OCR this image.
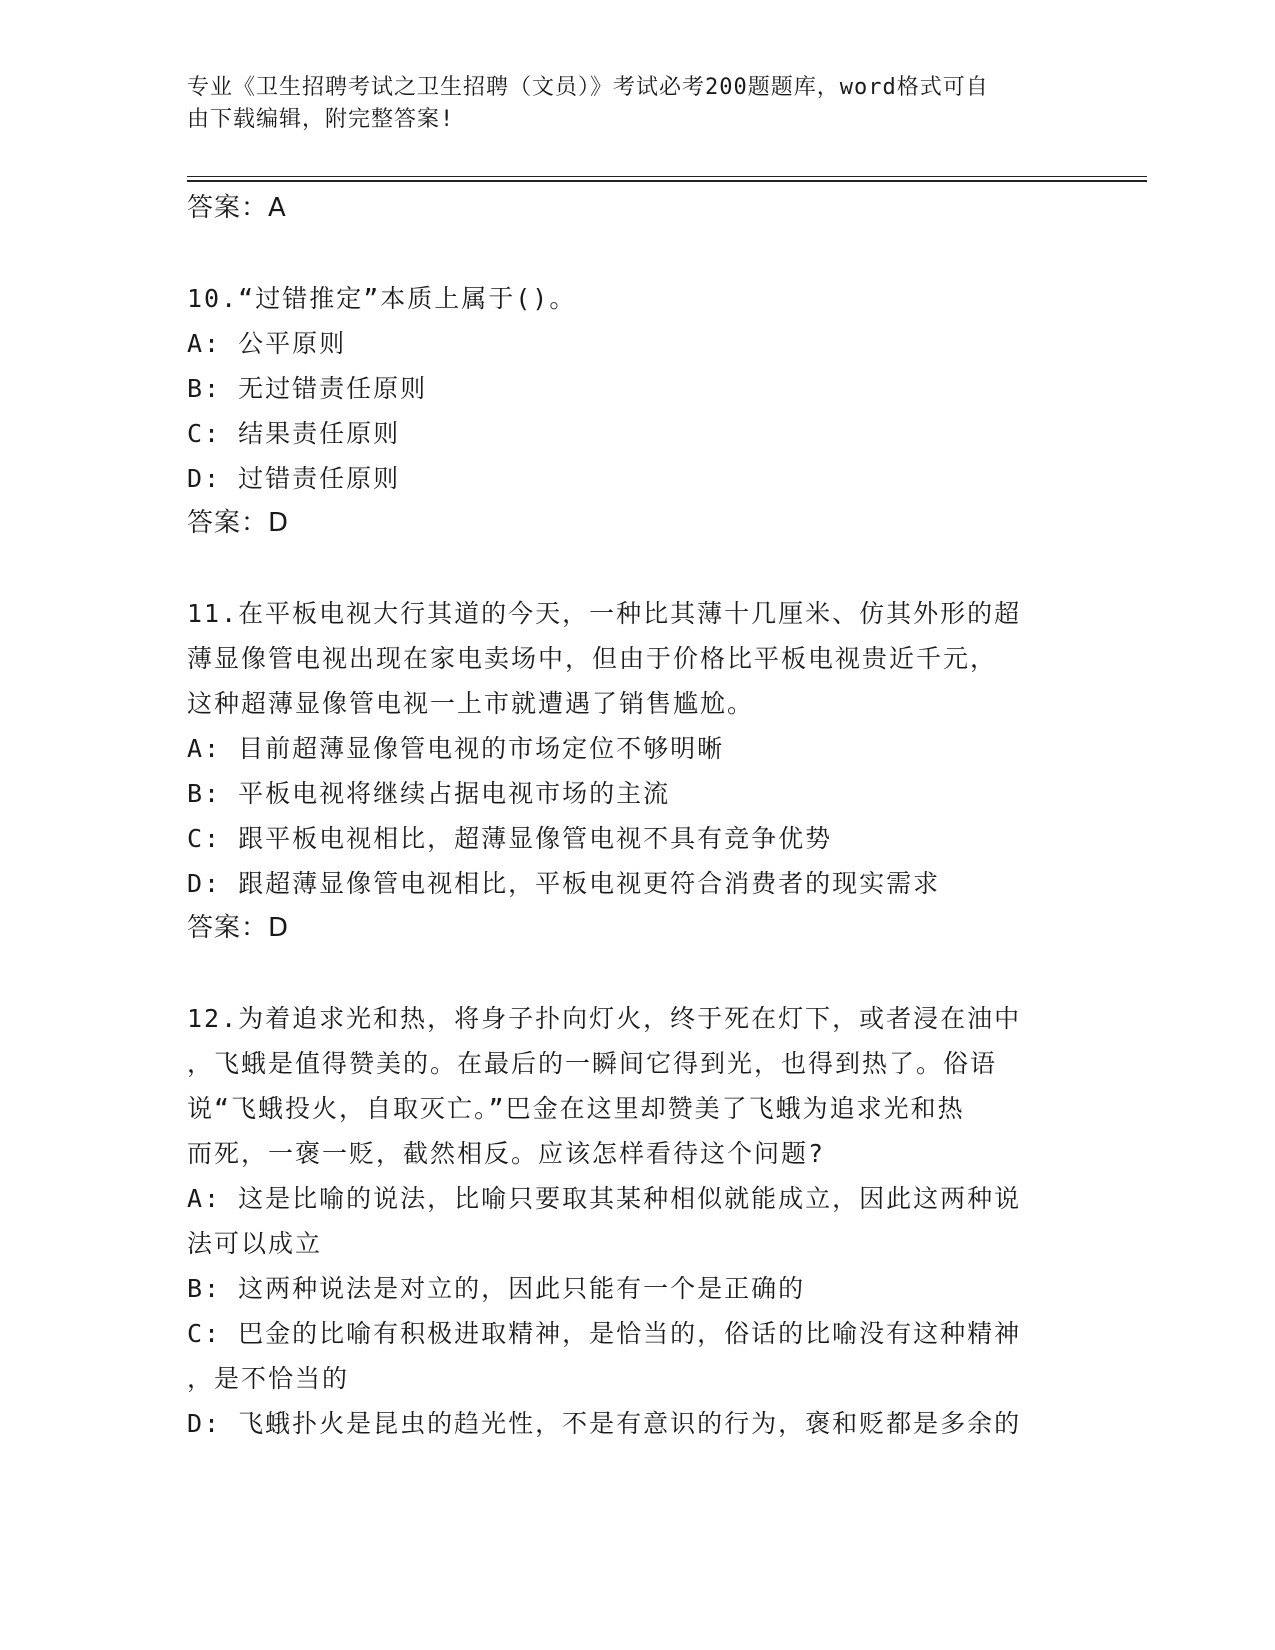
专业《卫生招聘考试之卫生招聘（文员）》考试必考200题题库，word格式可自
由下载编辑，附完整答案!
答案：A
10.“过错推定”本质上属于()。
A: 公平原则
B: 无过错责任原则
C: 结果责任原则
D: 过错责任原则
答案：D
11.在平板电视大行其道的今天，一种比其薄十几厘米、仿其外形的超
薄显像管电视出现在家电卖场中，但由于价格比平板电视贵近千元，
这种超薄显像管电视一上市就遭遇了销售尴尬。
A: 目前超薄显像管电视的市场定位不够明晰
B: 平板电视将继续占据电视市场的主流
C: 跟平板电视相比，超薄显像管电视不具有竞争优势
D: 跟超薄显像管电视相比，平板电视更符合消费者的现实需求
答案：D
12.为着追求光和热，将身子扑向灯火，终于死在灯下，或者浸在油中
，飞蛾是值得赞美的。在最后的一瞬间它得到光，也得到热了。俗语
说“飞蛾投火，自取灭亡。”巴金在这里却赞美了飞蛾为追求光和热
而死，一褒一贬，截然相反。应该怎样看待这个问题?
A: 这是比喻的说法，比喻只要取其某种相似就能成立，因此这两种说
法可以成立
B: 这两种说法是对立的，因此只能有一个是正确的
C: 巴金的比喻有积极进取精神，是恰当的，俗话的比喻没有这种精神
，是不恰当的
D: 飞蛾扑火是昆虫的趋光性，不是有意识的行为，褒和贬都是多余的
